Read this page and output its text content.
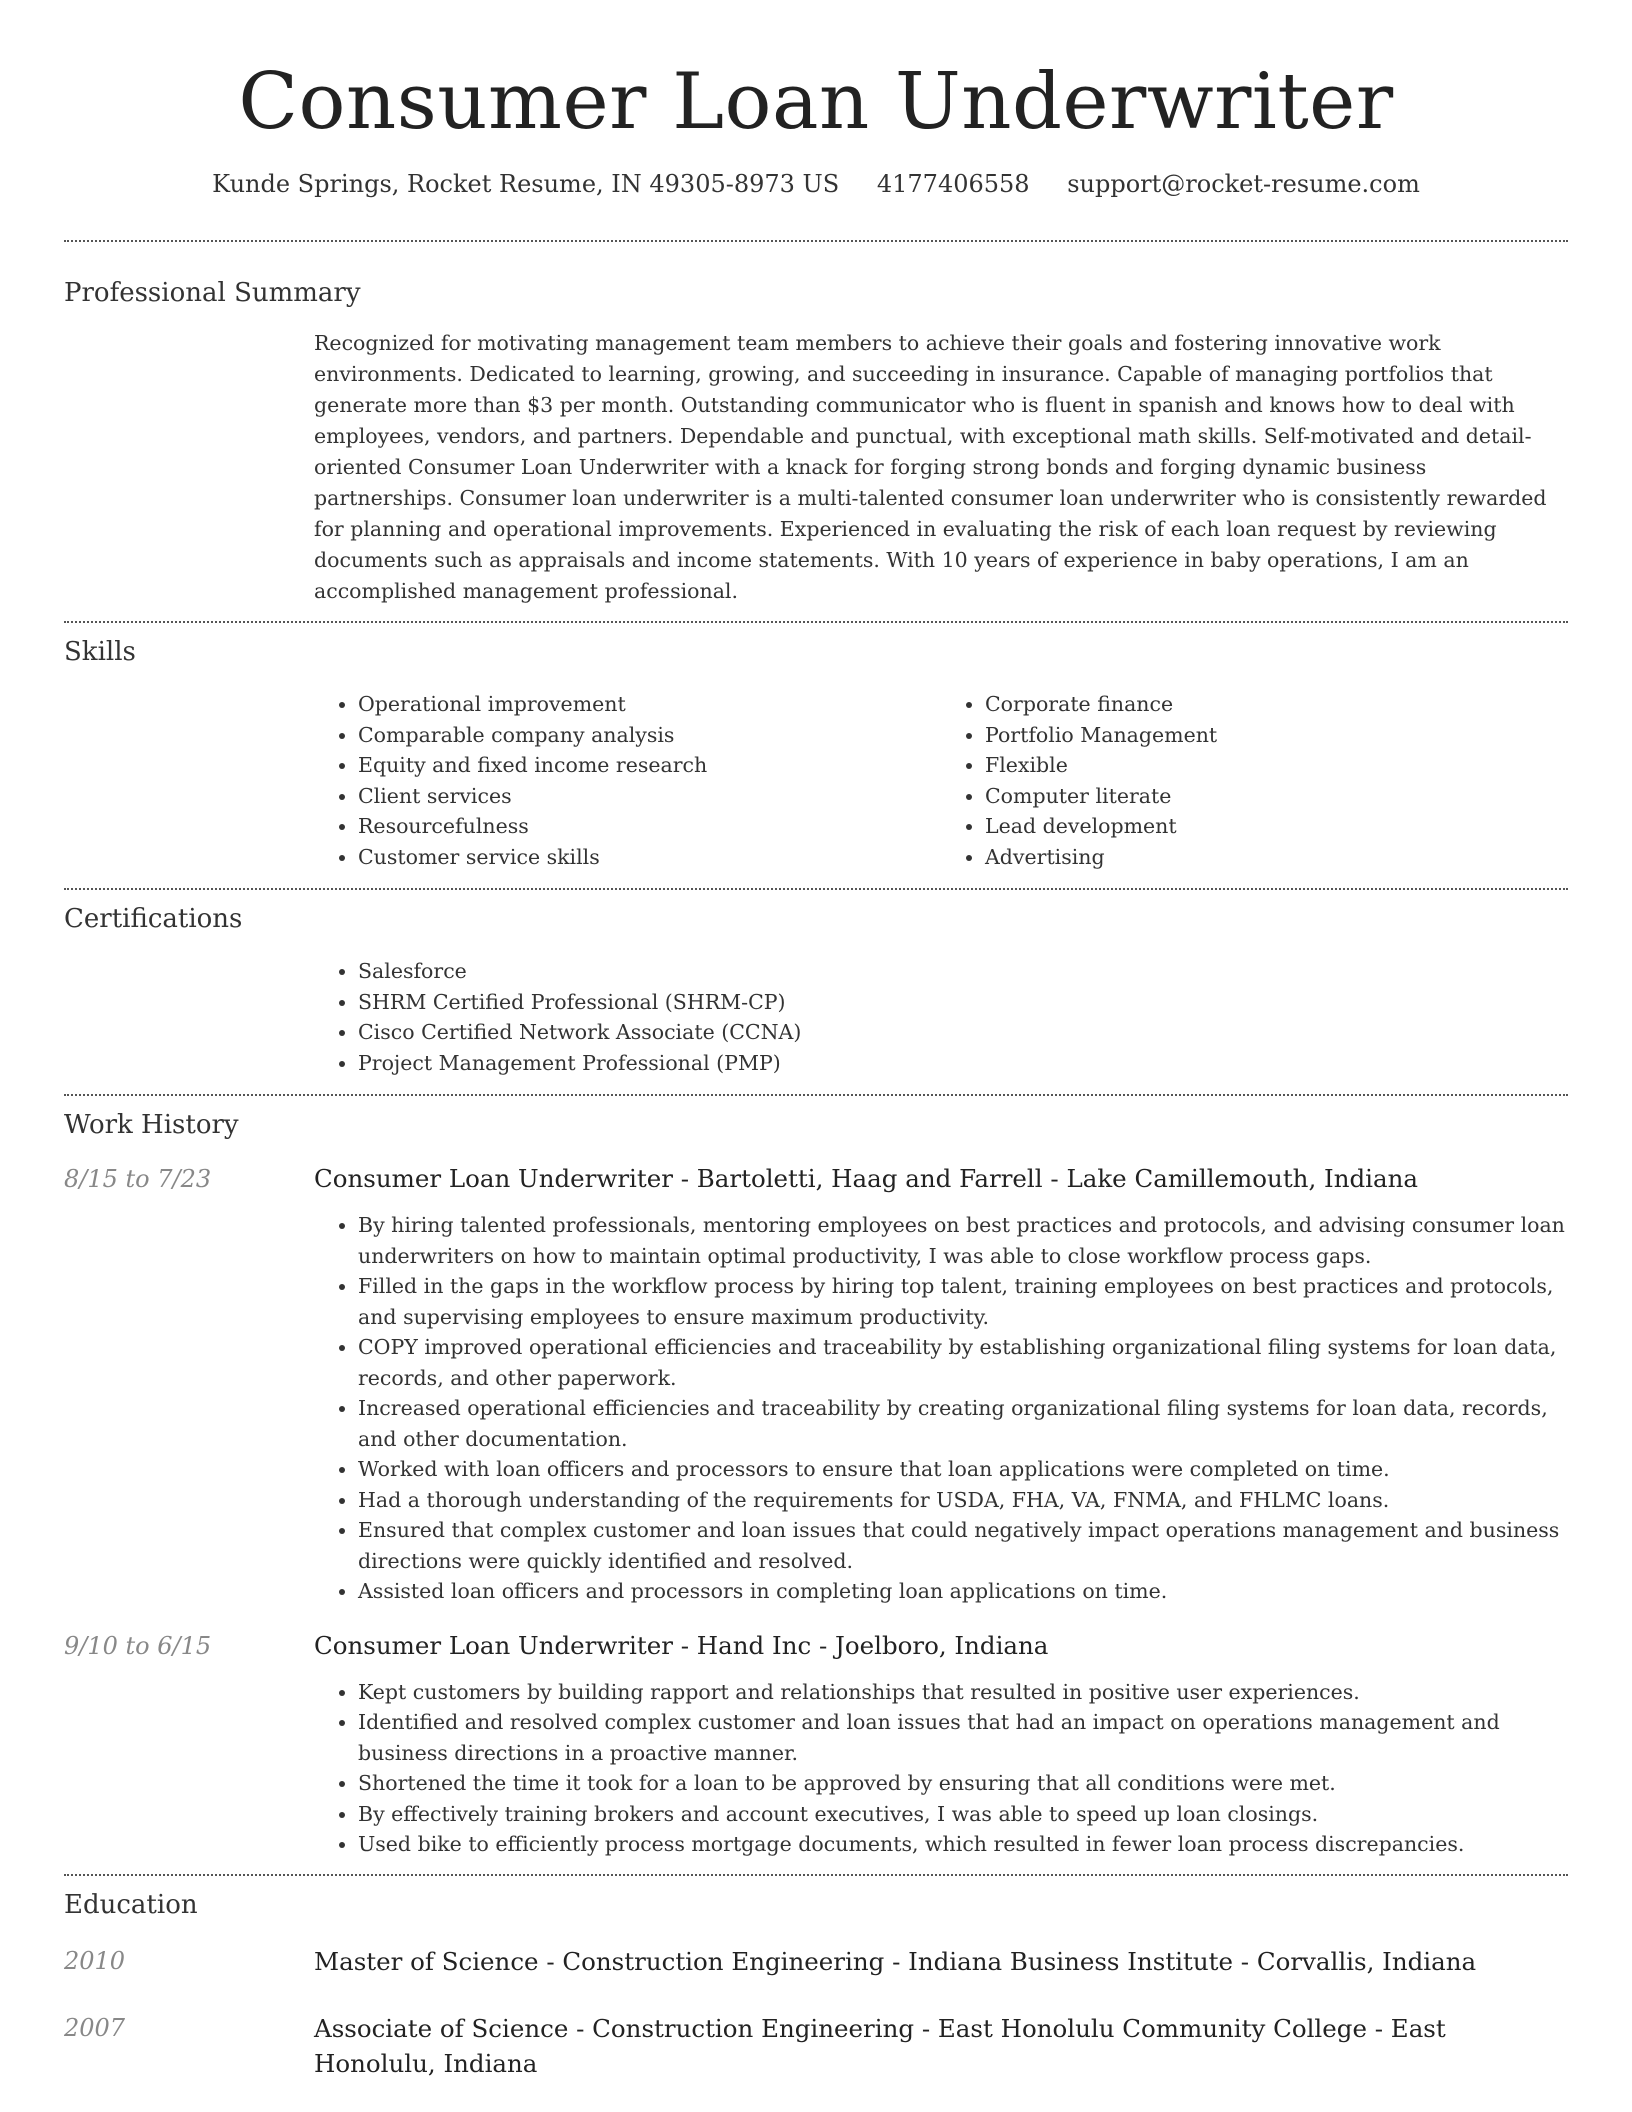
Consumer Loan Underwriter
Kunde Springs, Rocket Resume, IN 49305-8973 US 4177406558 support@rocket-resume.com
Professional Summary

Recognized for motivating management team members to achieve their goals and fostering innovative work environments. Dedicated to learning, growing, and succeeding in insurance. Capable of managing portfolios that generate more than $3 per month. Outstanding communicator who is fluent in spanish and knows how to deal with employees, vendors, and partners. Dependable and punctual, with exceptional math skills. Self-motivated and detail-oriented Consumer Loan Underwriter with a knack for forging strong bonds and forging dynamic business partnerships. Consumer loan underwriter is a multi-talented consumer loan underwriter who is consistently rewarded for planning and operational improvements. Experienced in evaluating the risk of each loan request by reviewing documents such as appraisals and income statements. With 10 years of experience in baby operations, I am an accomplished management professional.

Skills
• Operational improvement
• Comparable company analysis
• Equity and fixed income research
• Client services
• Resourcefulness
• Customer service skills
• Corporate finance
• Portfolio Management
• Flexible
• Computer literate
• Lead development
• Advertising
Certifications
• Salesforce
• SHRM Certified Professional (SHRM-CP)
• Cisco Certified Network Associate (CCNA)
• Project Management Professional (PMP)
Work History
8/15 to 7/23	Consumer Loan Underwriter - Bartoletti, Haag and Farrell - Lake Camillemouth, Indiana
• By hiring talented professionals, mentoring employees on best practices and protocols, and advising consumer loan underwriters on how to maintain optimal productivity, I was able to close workflow process gaps.
• Filled in the gaps in the workflow process by hiring top talent, training employees on best practices and protocols, and supervising employees to ensure maximum productivity.
• COPY improved operational efficiencies and traceability by establishing organizational filing systems for loan data, records, and other paperwork.
• Increased operational efficiencies and traceability by creating organizational filing systems for loan data, records, and other documentation.
• Worked with loan officers and processors to ensure that loan applications were completed on time.
• Had a thorough understanding of the requirements for USDA, FHA, VA, FNMA, and FHLMC loans.
• Ensured that complex customer and loan issues that could negatively impact operations management and business directions were quickly identified and resolved.
• Assisted loan officers and processors in completing loan applications on time.
9/10 to 6/15	Consumer Loan Underwriter - Hand Inc - Joelboro, Indiana
• Kept customers by building rapport and relationships that resulted in positive user experiences.
• Identified and resolved complex customer and loan issues that had an impact on operations management and business directions in a proactive manner.
• Shortened the time it took for a loan to be approved by ensuring that all conditions were met.
• By effectively training brokers and account executives, I was able to speed up loan closings.
• Used bike to efficiently process mortgage documents, which resulted in fewer loan process discrepancies.
Education
2010	Master of Science - Construction Engineering - Indiana Business Institute - Corvallis, Indiana
2007	Associate of Science - Construction Engineering - East Honolulu Community College - East Honolulu, Indiana
